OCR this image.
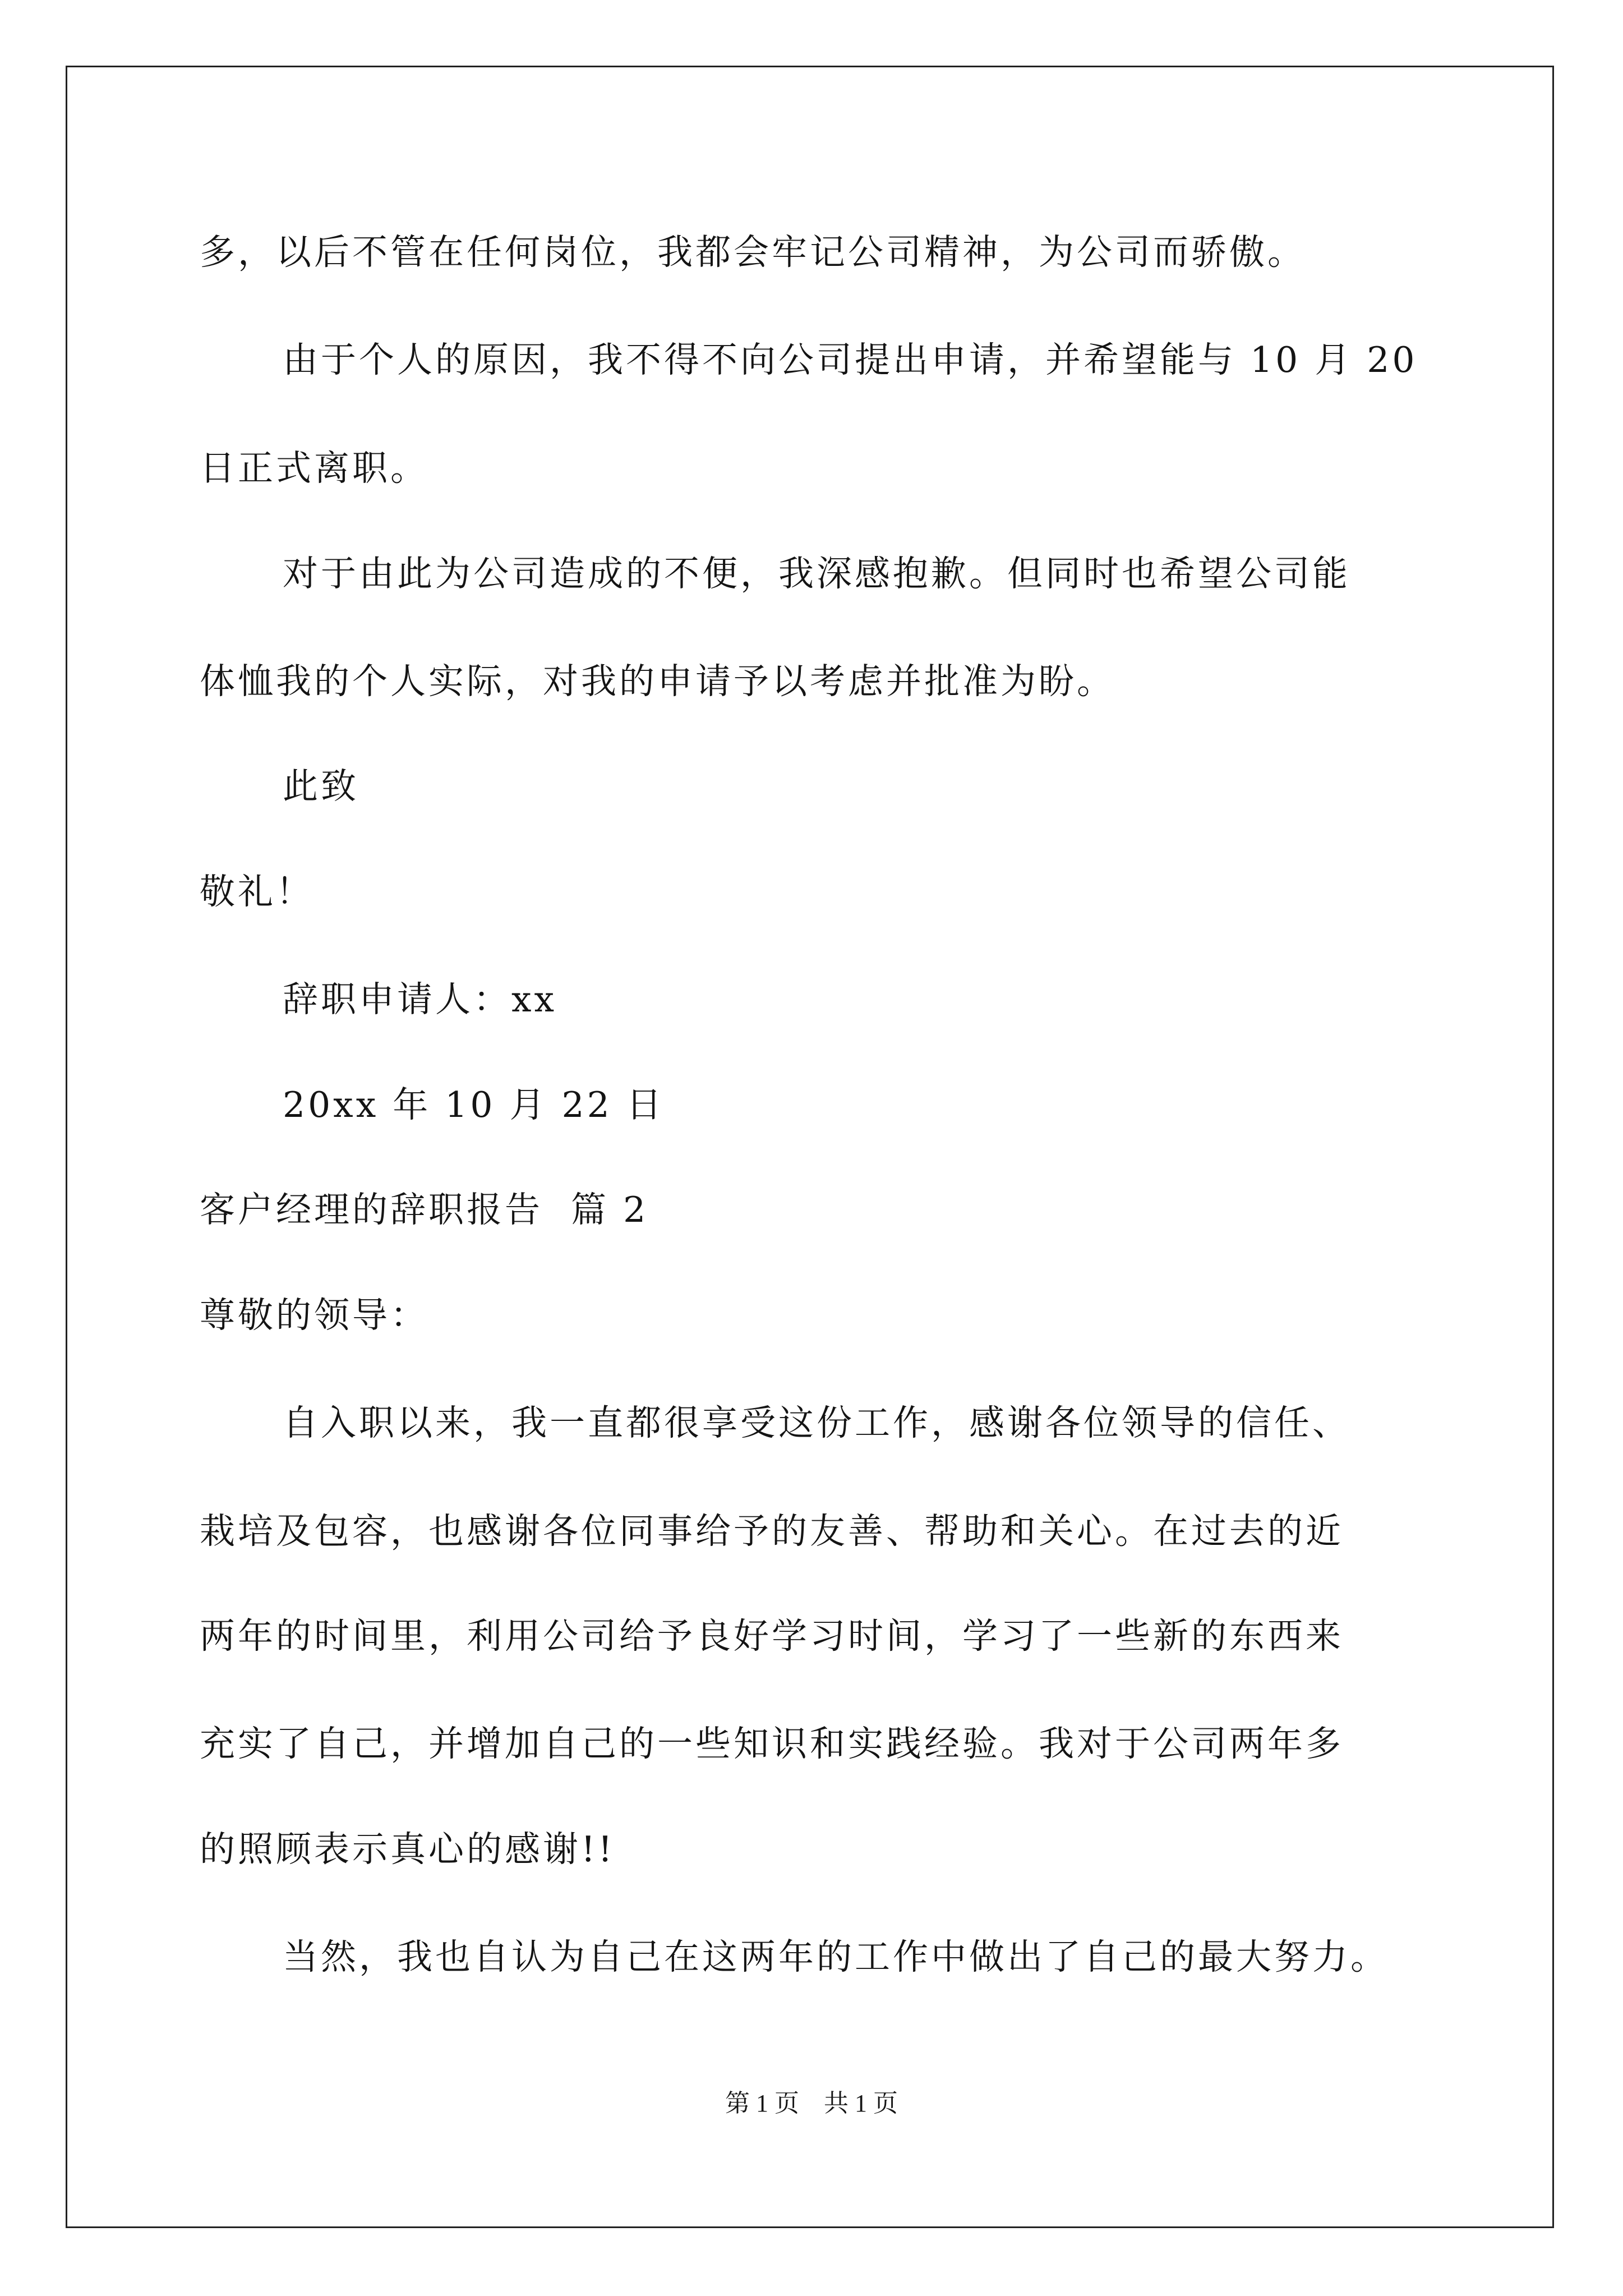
多，以后不管在任何岗位，我都会牢记公司精神，为公司而骄傲。
由于个人的原因，我不得不向公司提出申请，并希望能与 10 月 20
日正式离职。
对于由此为公司造成的不便，我深感抱歉。但同时也希望公司能
体恤我的个人实际，对我的申请予以考虑并批准为盼。
此致
敬礼！
辞职申请人：xx
20xx 年 10 月 22 日
客户经理的辞职报告  篇 2
尊敬的领导：
自入职以来，我一直都很享受这份工作，感谢各位领导的信任、
栽培及包容，也感谢各位同事给予的友善、帮助和关心。在过去的近
两年的时间里，利用公司给予良好学习时间，学习了一些新的东西来
充实了自己，并增加自己的一些知识和实践经验。我对于公司两年多
的照顾表示真心的感谢!!
当然，我也自认为自己在这两年的工作中做出了自己的最大努力。
第 1 页    共 1 页
